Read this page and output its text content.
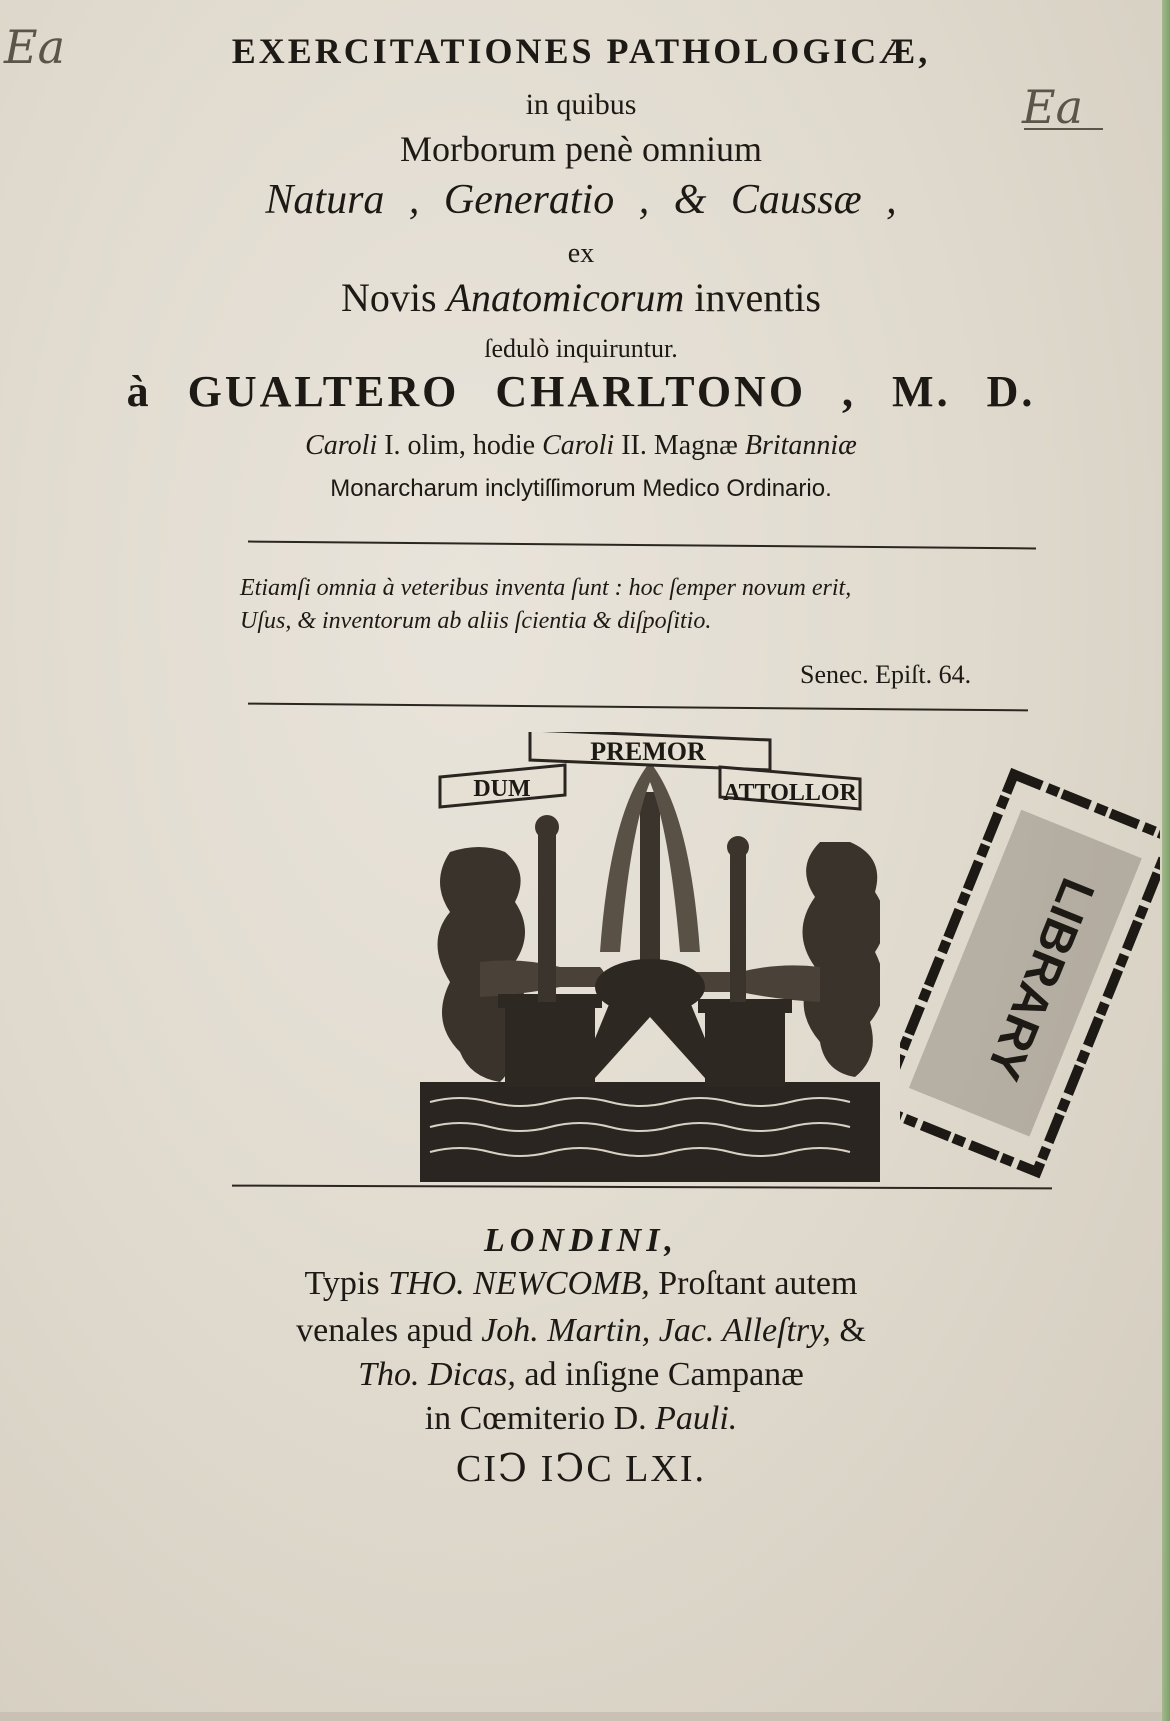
Ea
Ea
EXERCITATIONES PATHOLOGICÆ,
in quibus
Morborum penè omnium
Natura , Generatio , & Caussæ ,
ex
Novis Anatomicorum inventis
ſedulò inquiruntur.
à GUALTERO CHARLTONO , M. D.
Caroli I. olim, hodie Caroli II. Magnæ Britanniæ
Monarcharum inclytiſſimorum Medico Ordinario.
Etiamſi omnia à veteribus inventa ſunt : hoc ſemper novum erit,
Uſus, & inventorum ab aliis ſcientia & diſpoſitio.
Senec. Epiſt. 64.
PREMOR
DUM	ATTOLLOR
LIBRARY
LONDINI,
Typis THO. NEWCOMB, Proſtant autem
venales apud Joh. Martin, Jac. Alleſtry, &
Tho. Dicas, ad inſigne Campanæ
in Cœmiterio D. Pauli.
CIↃ IↃC LXI.
